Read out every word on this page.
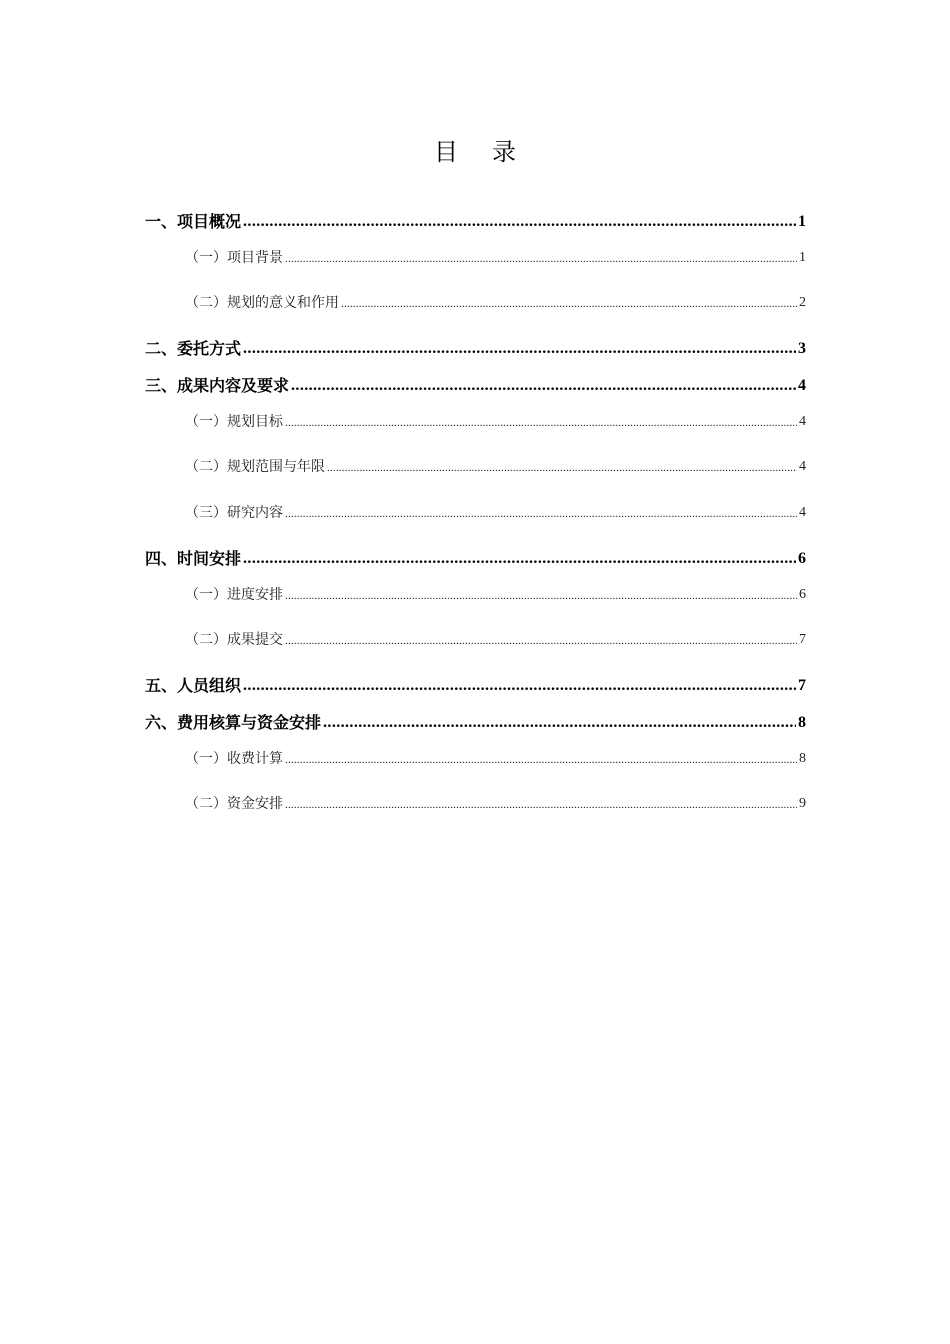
目录
一、项目概况 .....	1
（一）项目背景 .....	1
（二）规划的意义和作用 .....	2
二、委托方式 .....	3
三、成果内容及要求 .....	4
（一）规划目标 .....	4
（二）规划范围与年限 .....	4
（三）研究内容 .....	4
四、时间安排 .....	6
（一）进度安排 .....	6
（二）成果提交 .....	7
五、人员组织 .....	7
六、费用核算与资金安排 .....	8
（一）收费计算 .....	8
（二）资金安排 .....	9
